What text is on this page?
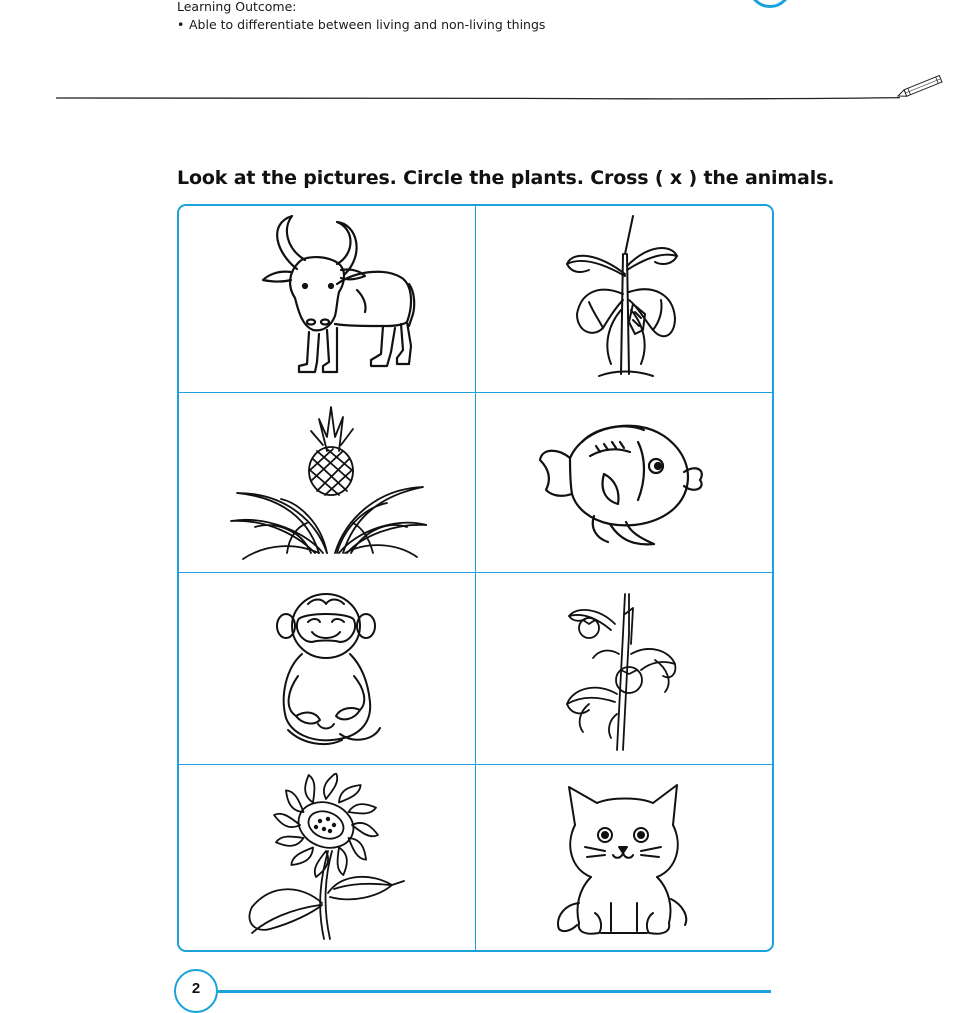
Learning Outcome:
• Able to differentiate between living and non-living things
Look at the pictures. Circle the plants. Cross ( x ) the animals.
2
